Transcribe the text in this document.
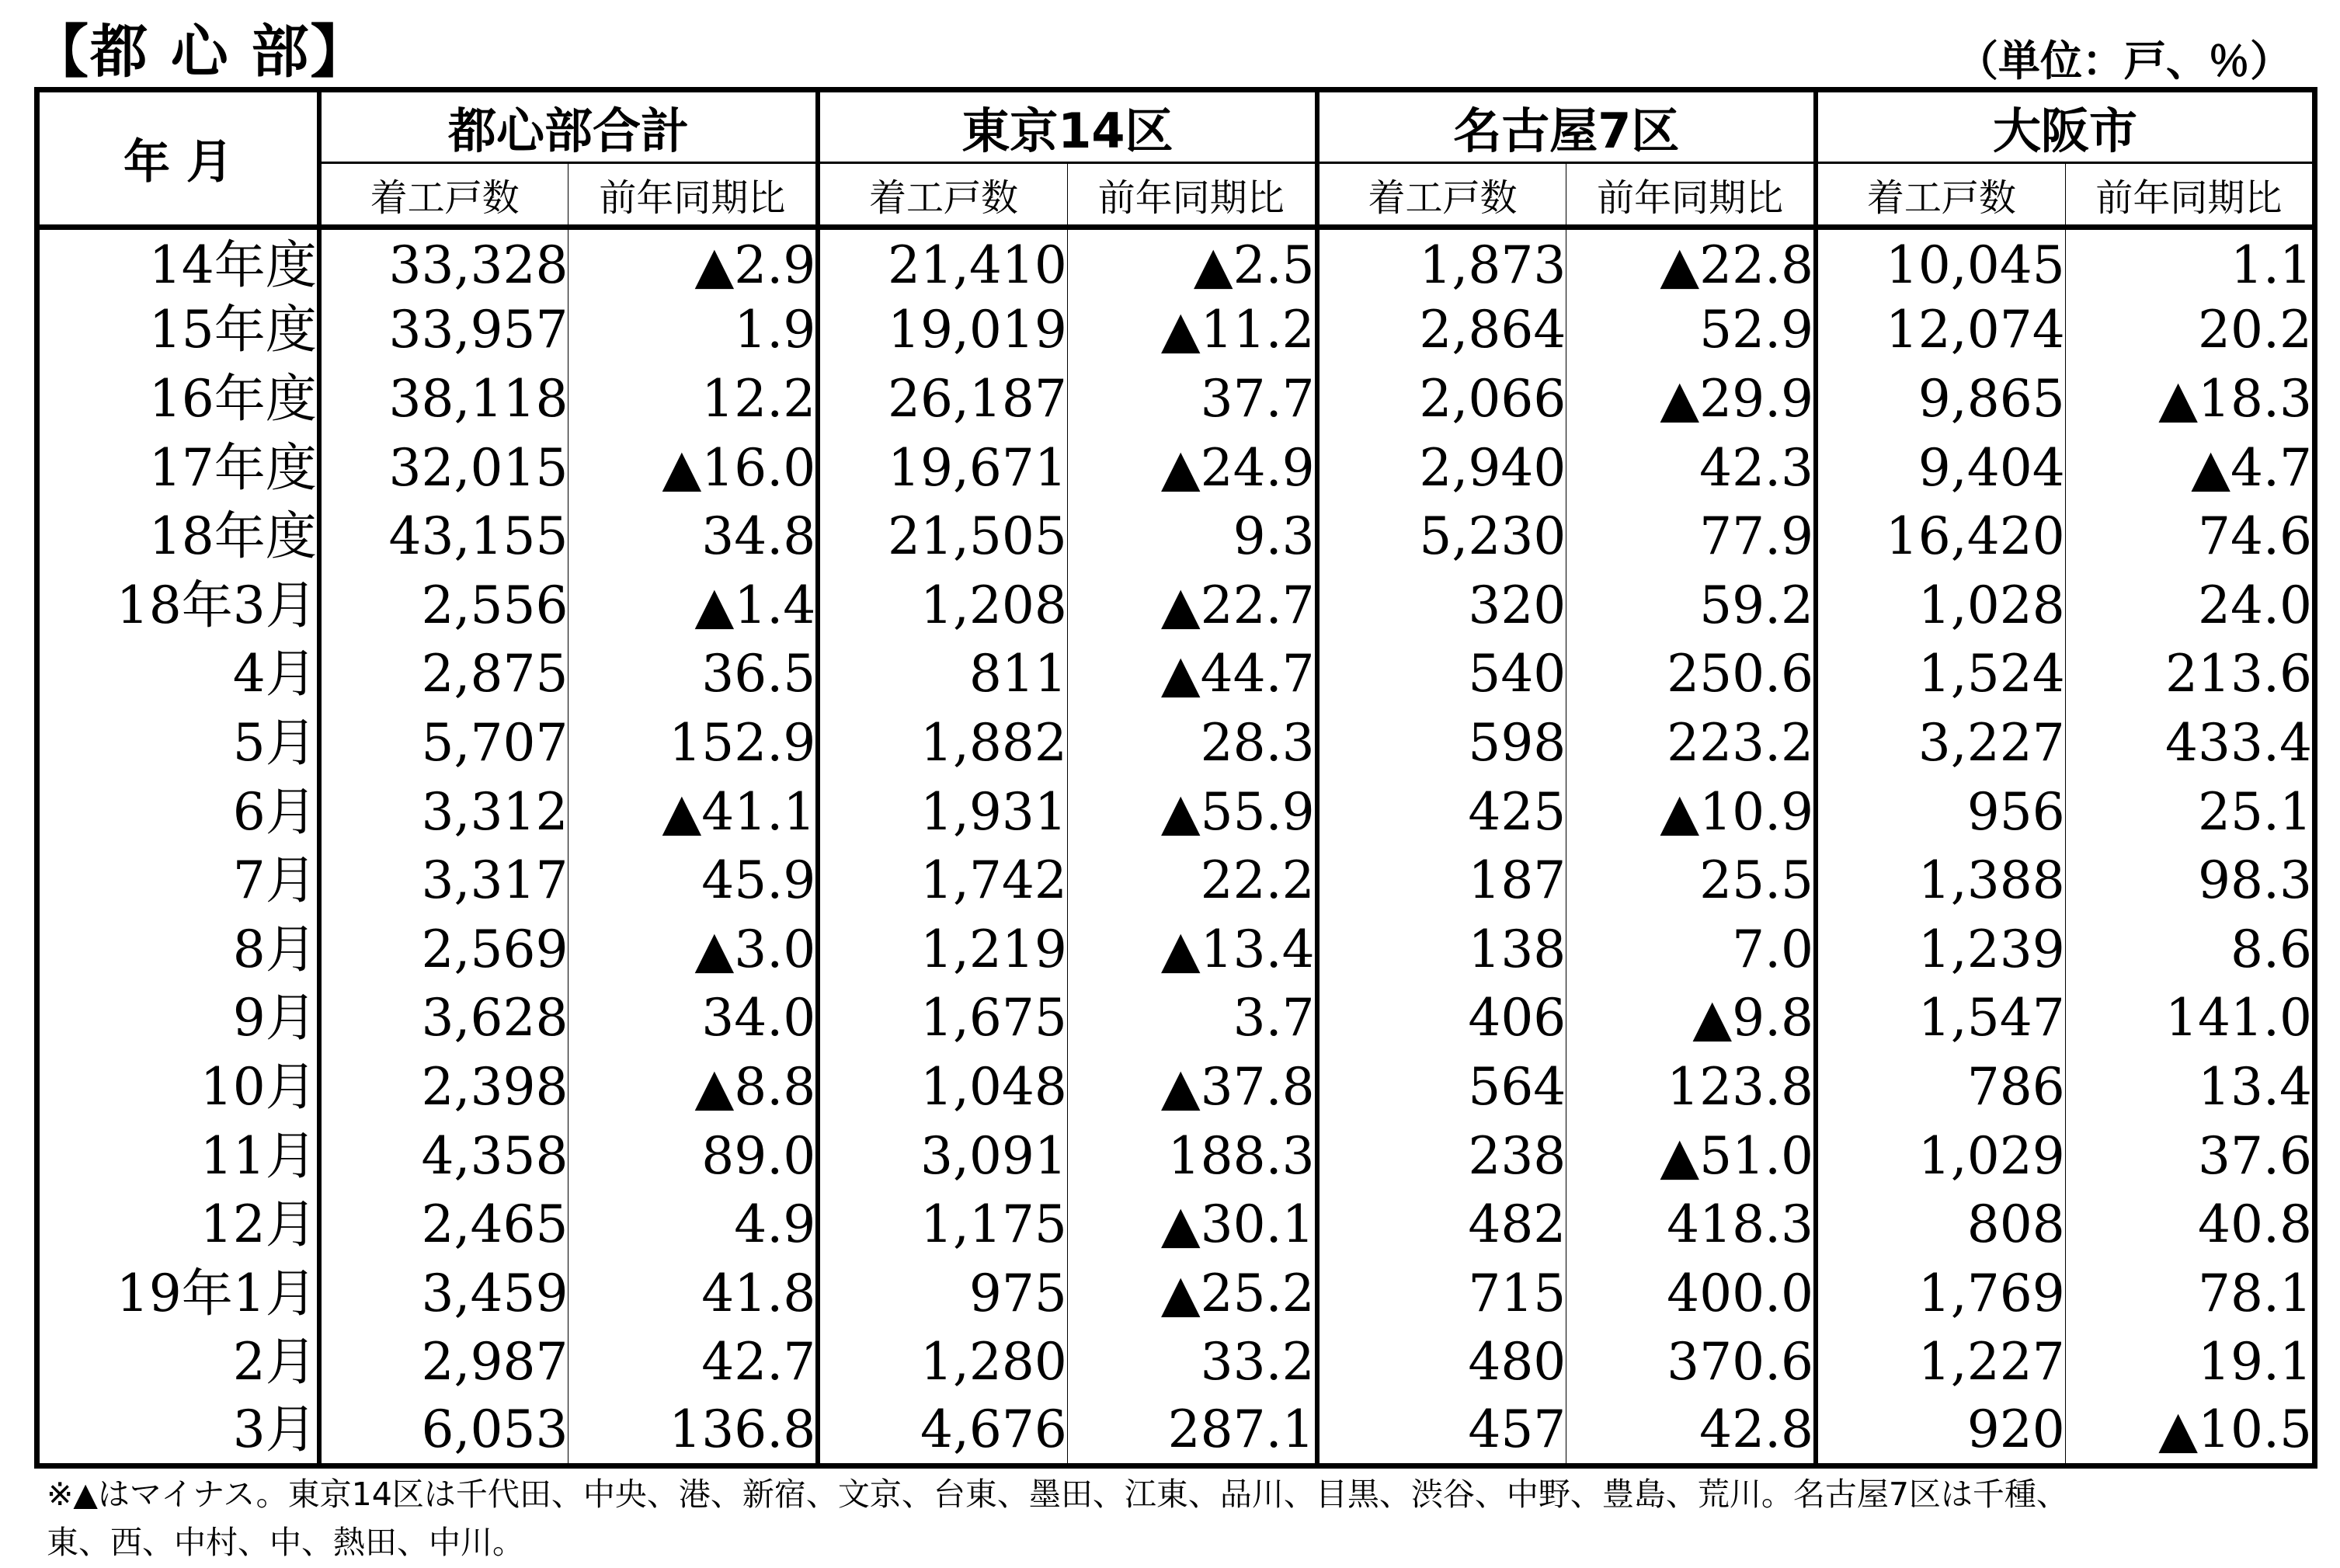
【都 心 部】	（単位：戸、％）
年 月	都心部合計		東京14区		名古屋7区		大阪市	
	着工戸数	前年同期比	着工戸数	前年同期比	着工戸数	前年同期比	着工戸数	前年同期比
14年度	33,328	▲2.9	21,410	▲2.5	1,873	▲22.8	10,045	1.1
15年度	33,957	1.9	19,019	▲11.2	2,864	52.9	12,074	20.2
16年度	38,118	12.2	26,187	37.7	2,066	▲29.9	9,865	▲18.3
17年度	32,015	▲16.0	19,671	▲24.9	2,940	42.3	9,404	▲4.7
18年度	43,155	34.8	21,505	9.3	5,230	77.9	16,420	74.6
18年3月	2,556	▲1.4	1,208	▲22.7	320	59.2	1,028	24.0
4月	2,875	36.5	811	▲44.7	540	250.6	1,524	213.6
5月	5,707	152.9	1,882	28.3	598	223.2	3,227	433.4
6月	3,312	▲41.1	1,931	▲55.9	425	▲10.9	956	25.1
7月	3,317	45.9	1,742	22.2	187	25.5	1,388	98.3
8月	2,569	▲3.0	1,219	▲13.4	138	7.0	1,239	8.6
9月	3,628	34.0	1,675	3.7	406	▲9.8	1,547	141.0
10月	2,398	▲8.8	1,048	▲37.8	564	123.8	786	13.4
11月	4,358	89.0	3,091	188.3	238	▲51.0	1,029	37.6
12月	2,465	4.9	1,175	▲30.1	482	418.3	808	40.8
19年1月	3,459	41.8	975	▲25.2	715	400.0	1,769	78.1
2月	2,987	42.7	1,280	33.2	480	370.6	1,227	19.1
3月	6,053	136.8	4,676	287.1	457	42.8	920	▲10.5
※▲はマイナス。東京14区は千代田、中央、港、新宿、文京、台東、墨田、江東、品川、目黒、渋谷、中野、豊島、荒川。名古屋7区は千種、
東、西、中村、中、熱田、中川。
